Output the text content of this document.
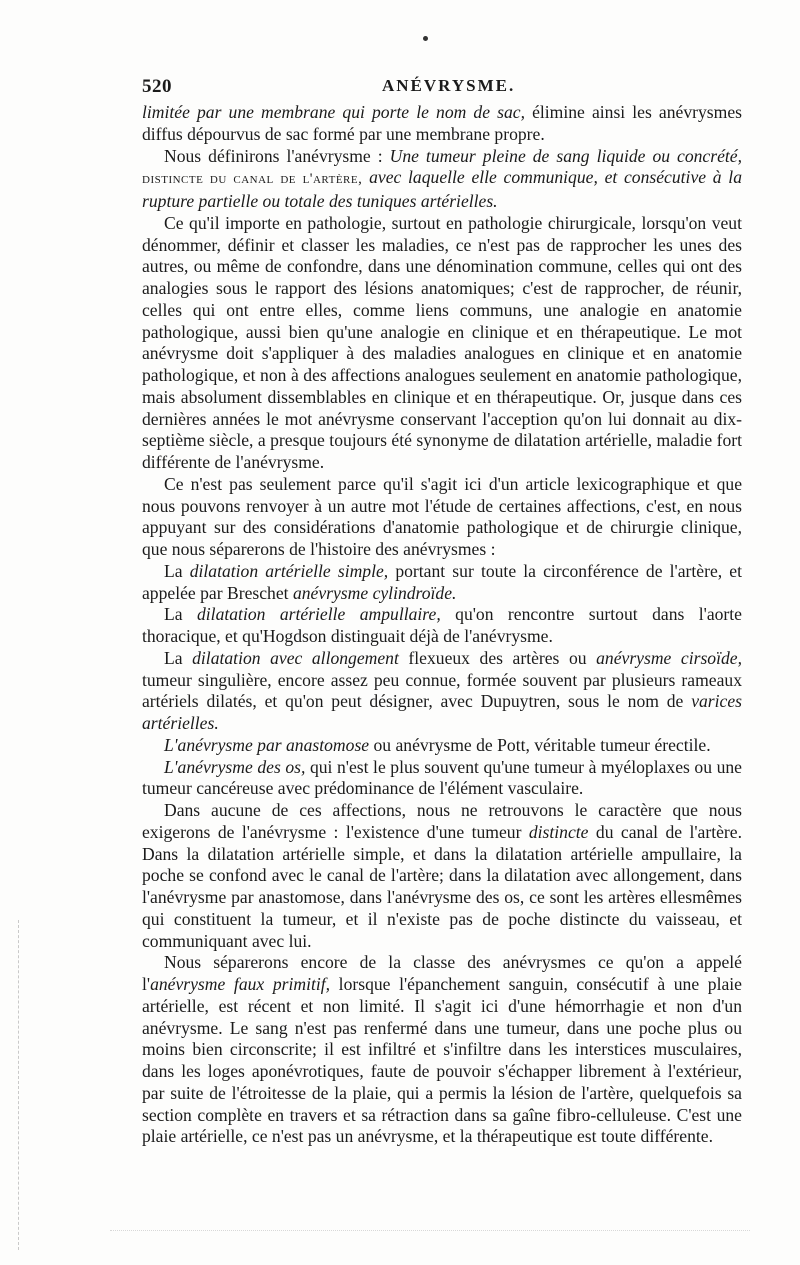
520	ANÉVRYSME.

limitée par une membrane qui porte le nom de sac, élimine ainsi les anévrysmes diffus dépourvus de sac formé par une membrane propre.

Nous définirons l'anévrysme : Une tumeur pleine de sang liquide ou concrété, distincte du canal de l'artère, avec laquelle elle communique, et consécutive à la rupture partielle ou totale des tuniques artérielles.

Ce qu'il importe en pathologie, surtout en pathologie chirurgicale, lorsqu'on veut dénommer, définir et classer les maladies, ce n'est pas de rapprocher les unes des autres, ou même de confondre, dans une dénomination commune, celles qui ont des analogies sous le rapport des lésions anatomiques; c'est de rapprocher, de réunir, celles qui ont entre elles, comme liens communs, une analogie en anatomie pathologique, aussi bien qu'une analogie en clinique et en thérapeutique. Le mot anévrysme doit s'appliquer à des maladies analogues en clinique et en anatomie pathologique, et non à des affections analogues seulement en anatomie pathologique, mais absolument dissemblables en clinique et en thérapeutique. Or, jusque dans ces dernières années le mot anévrysme conservant l'acception qu'on lui donnait au dix-septième siècle, a presque toujours été synonyme de dilatation artérielle, maladie fort différente de l'anévrysme.

Ce n'est pas seulement parce qu'il s'agit ici d'un article lexicographique et que nous pouvons renvoyer à un autre mot l'étude de certaines affections, c'est, en nous appuyant sur des considérations d'anatomie pathologique et de chirurgie clinique, que nous séparerons de l'histoire des anévrysmes :

La dilatation artérielle simple, portant sur toute la circonférence de l'artère, et appelée par Breschet anévrysme cylindroïde.

La dilatation artérielle ampullaire, qu'on rencontre surtout dans l'aorte thoracique, et qu'Hogdson distinguait déjà de l'anévrysme.

La dilatation avec allongement flexueux des artères ou anévrysme cirsoïde, tumeur singulière, encore assez peu connue, formée souvent par plusieurs rameaux artériels dilatés, et qu'on peut désigner, avec Dupuytren, sous le nom de varices artérielles.

L'anévrysme par anastomose ou anévrysme de Pott, véritable tumeur érectile.

L'anévrysme des os, qui n'est le plus souvent qu'une tumeur à myéloplaxes ou une tumeur cancéreuse avec prédominance de l'élément vasculaire.

Dans aucune de ces affections, nous ne retrouvons le caractère que nous exigerons de l'anévrysme : l'existence d'une tumeur distincte du canal de l'artère. Dans la dilatation artérielle simple, et dans la dilatation artérielle ampullaire, la poche se confond avec le canal de l'artère; dans la dilatation avec allongement, dans l'anévrysme par anastomose, dans l'anévrysme des os, ce sont les artères ellesmêmes qui constituent la tumeur, et il n'existe pas de poche distincte du vaisseau, et communiquant avec lui.

Nous séparerons encore de la classe des anévrysmes ce qu'on a appelé l'anévrysme faux primitif, lorsque l'épanchement sanguin, consécutif à une plaie artérielle, est récent et non limité. Il s'agit ici d'une hémorrhagie et non d'un anévrysme. Le sang n'est pas renfermé dans une tumeur, dans une poche plus ou moins bien circonscrite; il est infiltré et s'infiltre dans les interstices musculaires, dans les loges aponévrotiques, faute de pouvoir s'échapper librement à l'extérieur, par suite de l'étroitesse de la plaie, qui a permis la lésion de l'artère, quelquefois sa section complète en travers et sa rétraction dans sa gaîne fibro-celluleuse. C'est une plaie artérielle, ce n'est pas un anévrysme, et la thérapeutique est toute différente.
